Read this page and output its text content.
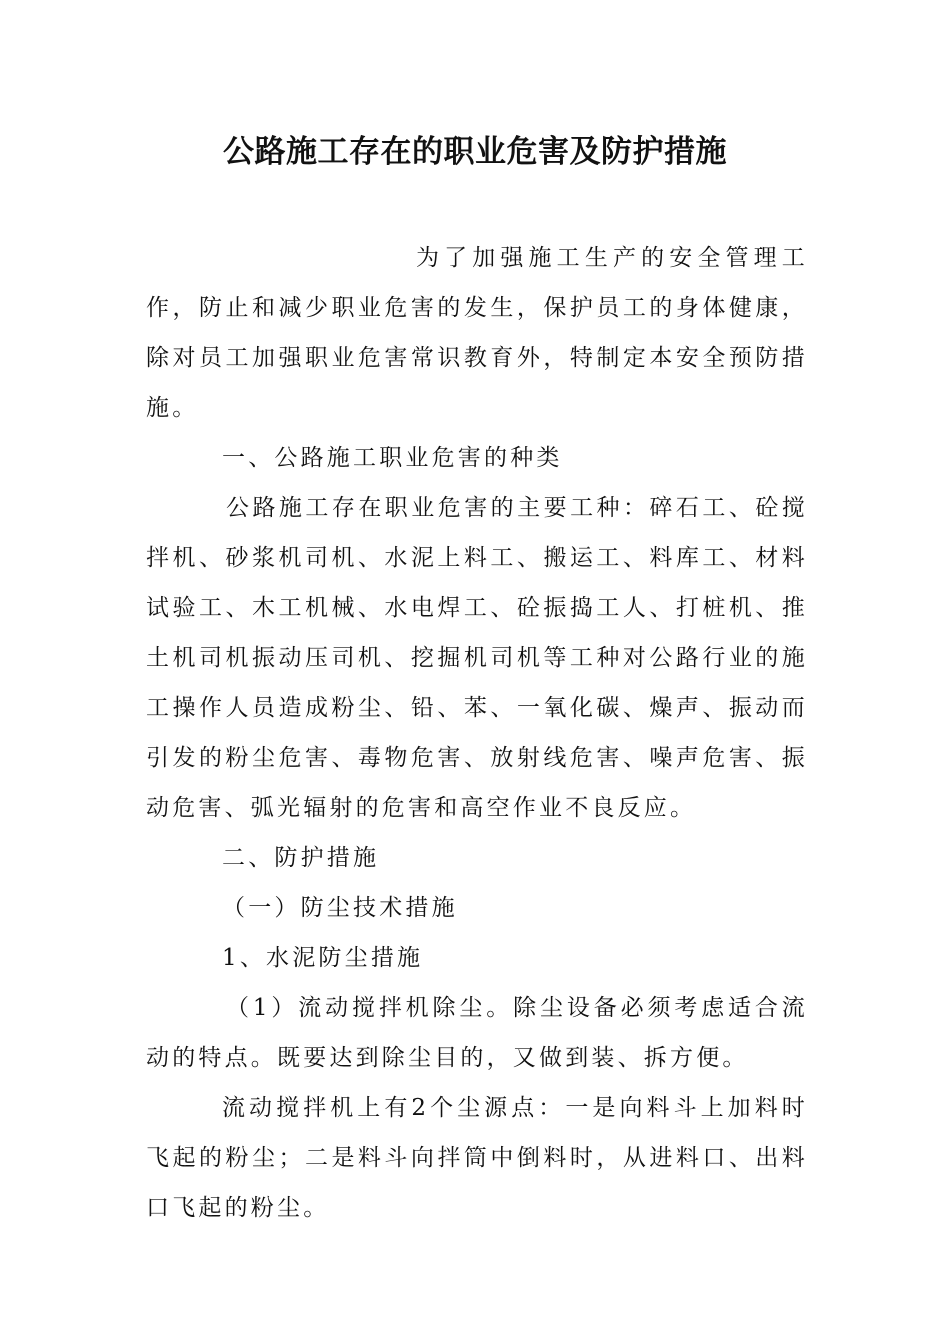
公路施工存在的职业危害及防护措施

为了加强施工生产的安全管理工作，防止和减少职业危害的发生，保护员工的身体健康，除对员工加强职业危害常识教育外，特制定本安全预防措施。

一、公路施工职业危害的种类

公路施工存在职业危害的主要工种：碎石工、砼搅拌机、砂浆机司机、水泥上料工、搬运工、料库工、材料试验工、木工机械、水电焊工、砼振捣工人、打桩机、推土机司机振动压司机、挖掘机司机等工种对公路行业的施工操作人员造成粉尘、铅、苯、一氧化碳、燥声、振动而引发的粉尘危害、毒物危害、放射线危害、噪声危害、振动危害、弧光辐射的危害和高空作业不良反应。

二、防护措施

（一）防尘技术措施

1、水泥防尘措施

（1）流动搅拌机除尘。除尘设备必须考虑适合流动的特点。既要达到除尘目的，又做到装、拆方便。

流动搅拌机上有2个尘源点：一是向料斗上加料时飞起的粉尘；二是料斗向拌筒中倒料时，从进料口、出料口飞起的粉尘。
